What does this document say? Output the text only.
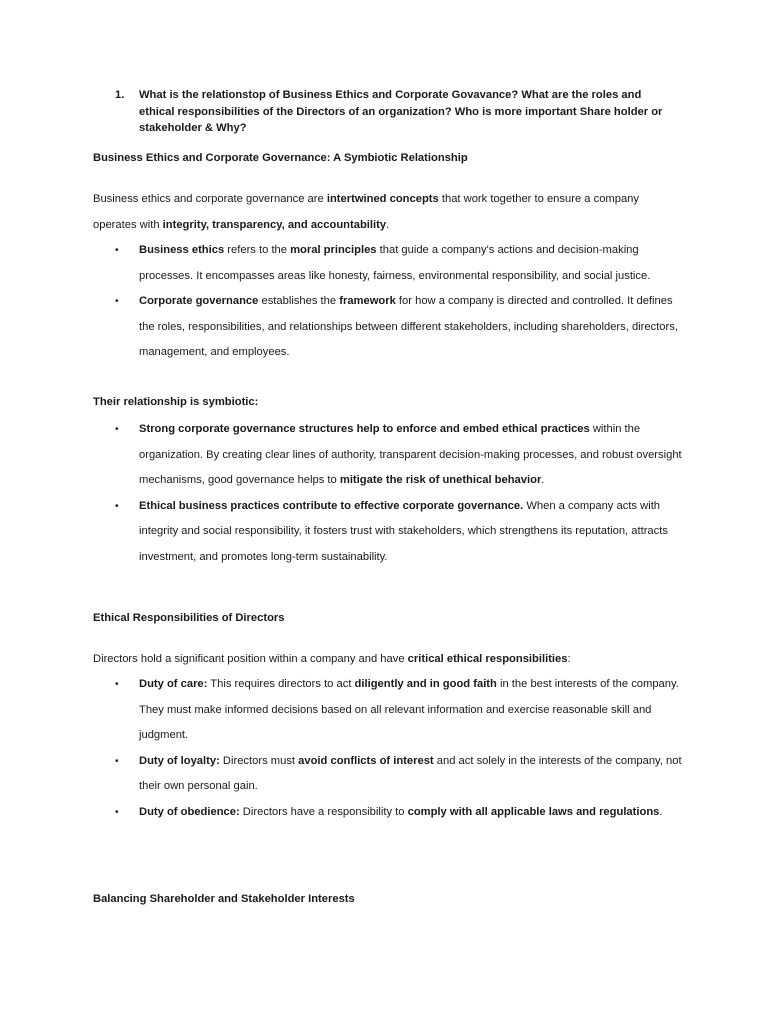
1. What is the relationstop of Business Ethics and Corporate Govavance? What are the roles and ethical responsibilities of the Directors of an organization? Who is more important Share holder or stakeholder & Why?
Business Ethics and Corporate Governance: A Symbiotic Relationship
Business ethics and corporate governance are intertwined concepts that work together to ensure a company operates with integrity, transparency, and accountability.
• Business ethics refers to the moral principles that guide a company's actions and decision-making processes. It encompasses areas like honesty, fairness, environmental responsibility, and social justice.
• Corporate governance establishes the framework for how a company is directed and controlled. It defines the roles, responsibilities, and relationships between different stakeholders, including shareholders, directors, management, and employees.
Their relationship is symbiotic:
• Strong corporate governance structures help to enforce and embed ethical practices within the organization. By creating clear lines of authority, transparent decision-making processes, and robust oversight mechanisms, good governance helps to mitigate the risk of unethical behavior.
• Ethical business practices contribute to effective corporate governance. When a company acts with integrity and social responsibility, it fosters trust with stakeholders, which strengthens its reputation, attracts investment, and promotes long-term sustainability.
Ethical Responsibilities of Directors
Directors hold a significant position within a company and have critical ethical responsibilities:
• Duty of care: This requires directors to act diligently and in good faith in the best interests of the company. They must make informed decisions based on all relevant information and exercise reasonable skill and judgment.
• Duty of loyalty: Directors must avoid conflicts of interest and act solely in the interests of the company, not their own personal gain.
• Duty of obedience: Directors have a responsibility to comply with all applicable laws and regulations.
Balancing Shareholder and Stakeholder Interests
